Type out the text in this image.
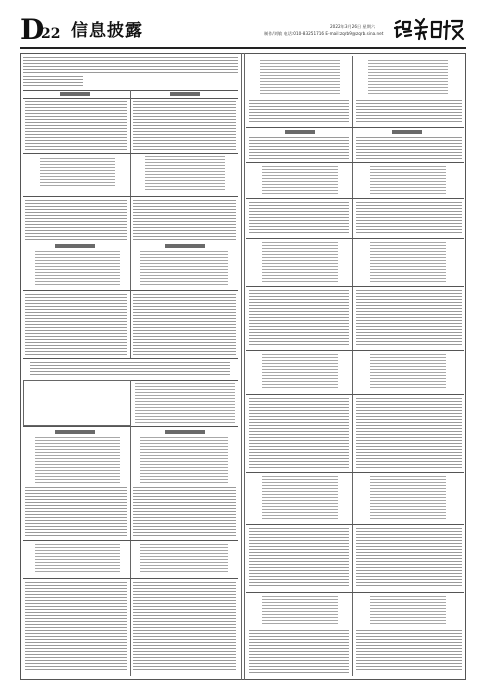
D
22 信息披露	2022年3月26日 星期六
制作/刘敏 电话:010-83251716 E-mail:zqrb9@zqrb.sina.net
